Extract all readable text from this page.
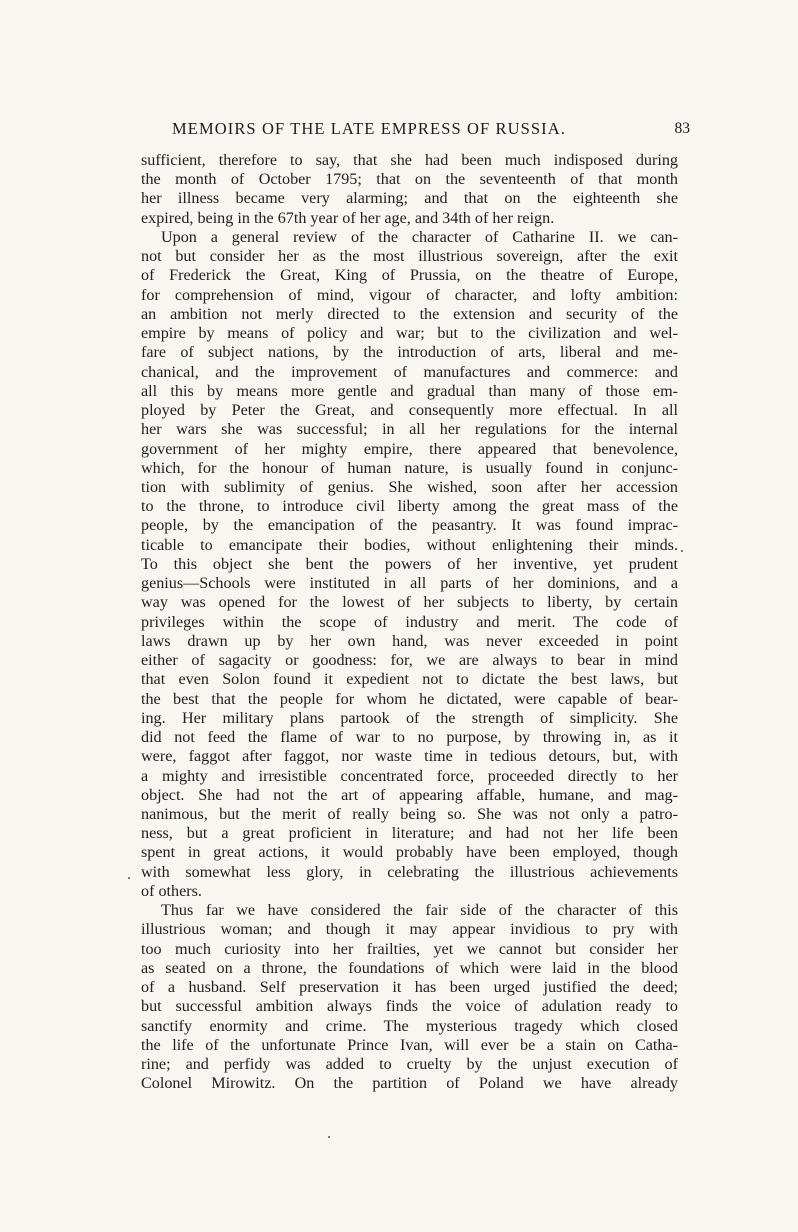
MEMOIRS OF THE LATE EMPRESS OF RUSSIA.	83
sufficient, therefore to say, that she had been much indisposed during
the month of October 1795; that on the seventeenth of that month
her illness became very alarming; and that on the eighteenth she
expired, being in the 67th year of her age, and 34th of her reign.
Upon a general review of the character of Catharine II. we can-
not but consider her as the most illustrious sovereign, after the exit
of Frederick the Great, King of Prussia, on the theatre of Europe,
for comprehension of mind, vigour of character, and lofty ambition:
an ambition not merly directed to the extension and security of the
empire by means of policy and war; but to the civilization and wel-
fare of subject nations, by the introduction of arts, liberal and me-
chanical, and the improvement of manufactures and commerce: and
all this by means more gentle and gradual than many of those em-
ployed by Peter the Great, and consequently more effectual. In all
her wars she was successful; in all her regulations for the internal
government of her mighty empire, there appeared that benevolence,
which, for the honour of human nature, is usually found in conjunc-
tion with sublimity of genius. She wished, soon after her accession
to the throne, to introduce civil liberty among the great mass of the
people, by the emancipation of the peasantry. It was found imprac-
ticable to emancipate their bodies, without enlightening their minds.
To this object she bent the powers of her inventive, yet prudent
genius—Schools were instituted in all parts of her dominions, and a
way was opened for the lowest of her subjects to liberty, by certain
privileges within the scope of industry and merit. The code of
laws drawn up by her own hand, was never exceeded in point
either of sagacity or goodness: for, we are always to bear in mind
that even Solon found it expedient not to dictate the best laws, but
the best that the people for whom he dictated, were capable of bear-
ing. Her military plans partook of the strength of simplicity. She
did not feed the flame of war to no purpose, by throwing in, as it
were, faggot after faggot, nor waste time in tedious detours, but, with
a mighty and irresistible concentrated force, proceeded directly to her
object. She had not the art of appearing affable, humane, and mag-
nanimous, but the merit of really being so. She was not only a patro-
ness, but a great proficient in literature; and had not her life been
spent in great actions, it would probably have been employed, though
with somewhat less glory, in celebrating the illustrious achievements
of others.
Thus far we have considered the fair side of the character of this
illustrious woman; and though it may appear invidious to pry with
too much curiosity into her frailties, yet we cannot but consider her
as seated on a throne, the foundations of which were laid in the blood
of a husband. Self preservation it has been urged justified the deed;
but successful ambition always finds the voice of adulation ready to
sanctify enormity and crime. The mysterious tragedy which closed
the life of the unfortunate Prince Ivan, will ever be a stain on Catha-
rine; and perfidy was added to cruelty by the unjust execution of
Colonel Mirowitz. On the partition of Poland we have already
